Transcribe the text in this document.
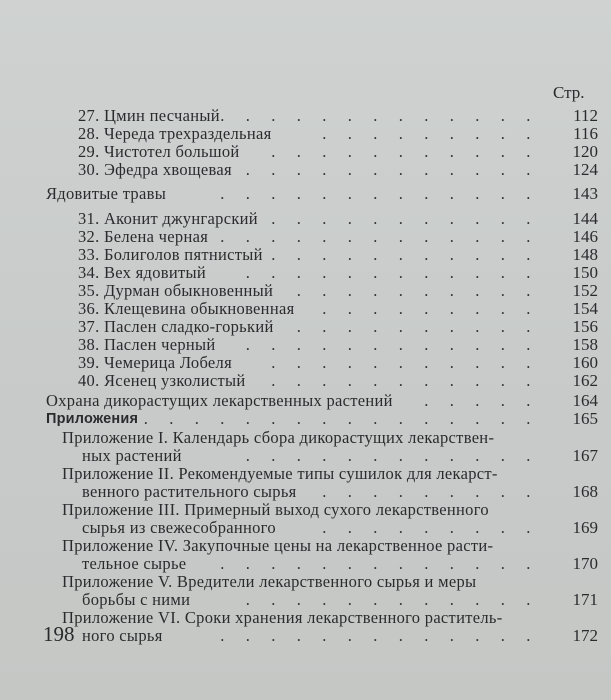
Стр.
27. Цмин песчаный . . . . . . . . . . . . .	112
28. Череда трехраздельная	. . . . . . . . .	116
29. Чистотел большой	. . . . . . . . . . .	120
30. Эфедра хвощевая . . . . . . . . . . . .	124
Ядовитые травы	. . . . . . . . . . . . .	143
31. Аконит джунгарский . . . . . . . . . . .	144
32. Белена черная . . . . . . . . . . . . .	146
33. Болиголов пятнистый . . . . . . . . . . .	148
34. Вех ядовитый	. . . . . . . . . . . .	150
35. Дурман обыкновенный	. . . . . . . . . .	152
36. Клещевина обыкновенная	. . . . . . . . .	154
37. Паслен сладко-горький	. . . . . . . . . .	156
38. Паслен черный	. . . . . . . . . . . .	158
39. Чемерица Лобеля	. . . . . . . . . . .	160
40. Ясенец узколистый	. . . . . . . . . . .	162
Охрана дикорастущих лекарственных растений	. . . . .	164
Приложения . . . . . . . . . . . . . . . .	165
Приложение I. Календарь сбора дикорастущих лекарствен-
ных растений	. . . . . . . . . . . .	167
Приложение II. Рекомендуемые типы сушилок для лекарст-
венного растительного сырья	. . . . . . . . .	168
Приложение III. Примерный выход сухого лекарственного
сырья из свежесобранного	. . . . . . . . .	169
Приложение IV. Закупочные цены на лекарственное расти-
тельное сырье	. . . . . . . . . . . . .	170
Приложение V. Вредители лекарственного сырья и меры
борьбы с ними	. . . . . . . . . . . .	171
Приложение VI. Сроки хранения лекарственного раститель-
ного сырья	. . . . . . . . . . . . .	172
198
